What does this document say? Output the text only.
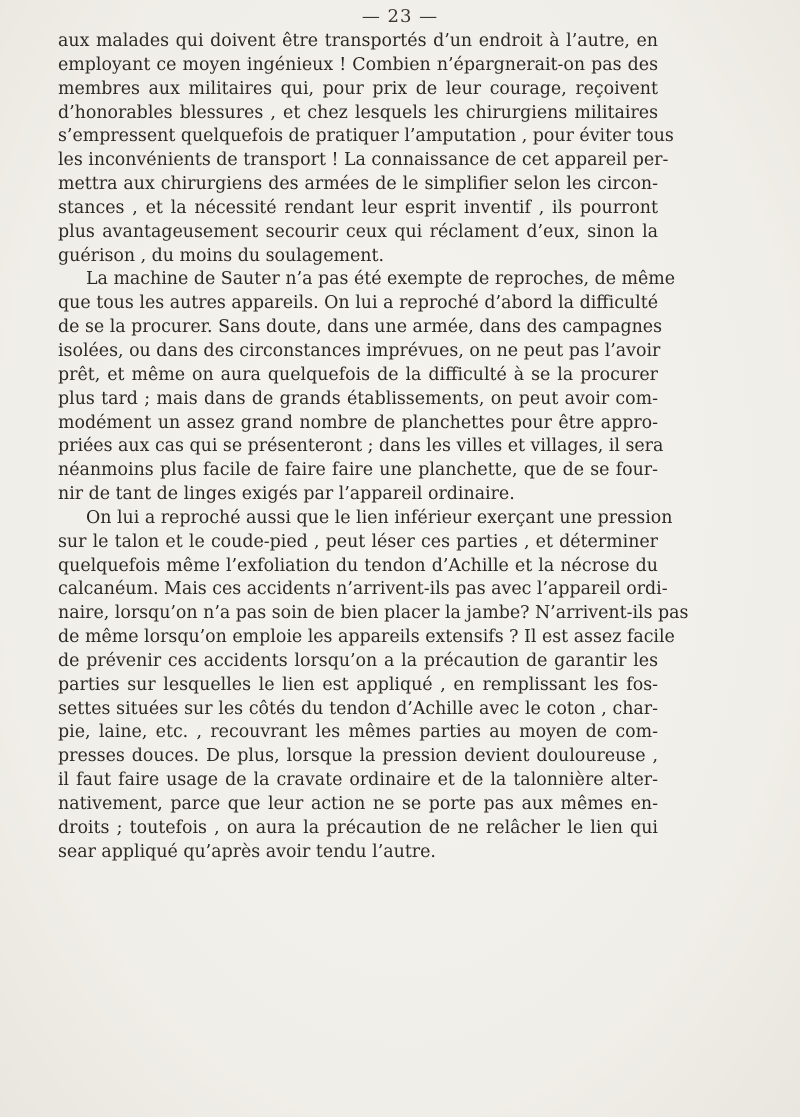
— 23 —
aux malades qui doivent être transportés d’un endroit à l’autre, en
employant ce moyen ingénieux ! Combien n’épargnerait-on pas des
membres aux militaires qui, pour prix de leur courage, reçoivent
d’honorables blessures , et chez lesquels les chirurgiens militaires
s’empressent quelquefois de pratiquer l’amputation , pour éviter tous
les inconvénients de transport ! La connaissance de cet appareil per-
mettra aux chirurgiens des armées de le simplifier selon les circon-
stances , et la nécessité rendant leur esprit inventif , ils pourront
plus avantageusement secourir ceux qui réclament d’eux, sinon la
guérison , du moins du soulagement.
La machine de Sauter n’a pas été exempte de reproches, de même
que tous les autres appareils. On lui a reproché d’abord la difficulté
de se la procurer. Sans doute, dans une armée, dans des campagnes
isolées, ou dans des circonstances imprévues, on ne peut pas l’avoir
prêt, et même on aura quelquefois de la difficulté à se la procurer
plus tard ; mais dans de grands établissements, on peut avoir com-
modément un assez grand nombre de planchettes pour être appro-
priées aux cas qui se présenteront ; dans les villes et villages, il sera
néanmoins plus facile de faire faire une planchette, que de se four-
nir de tant de linges exigés par l’appareil ordinaire.
On lui a reproché aussi que le lien inférieur exerçant une pression
sur le talon et le coude-pied , peut léser ces parties , et déterminer
quelquefois même l’exfoliation du tendon d’Achille et la nécrose du
calcanéum. Mais ces accidents n’arrivent-ils pas avec l’appareil ordi-
naire, lorsqu’on n’a pas soin de bien placer la jambe? N’arrivent-ils pas
de même lorsqu’on emploie les appareils extensifs ? Il est assez facile
de prévenir ces accidents lorsqu’on a la précaution de garantir les
parties sur lesquelles le lien est appliqué , en remplissant les fos-
settes situées sur les côtés du tendon d’Achille avec le coton , char-
pie, laine, etc. , recouvrant les mêmes parties au moyen de com-
presses douces. De plus, lorsque la pression devient douloureuse ,
il faut faire usage de la cravate ordinaire et de la talonnière alter-
nativement, parce que leur action ne se porte pas aux mêmes en-
droits ; toutefois , on aura la précaution de ne relâcher le lien qui
sear appliqué qu’après avoir tendu l’autre.
